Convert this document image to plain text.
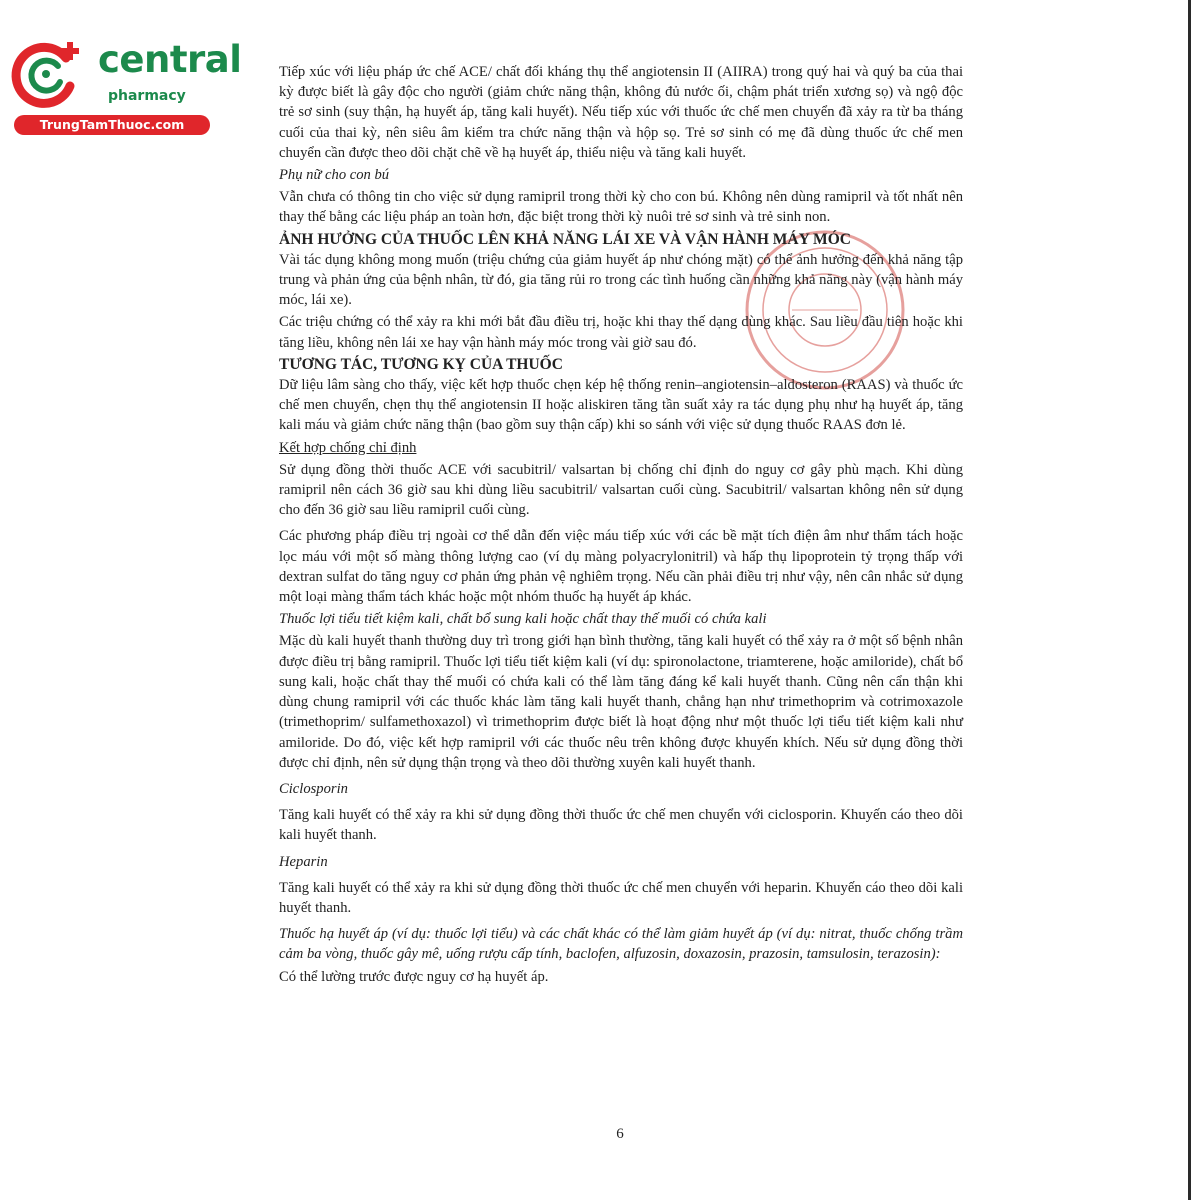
central
pharmacy
TrungTamThuoc.com

Tiếp xúc với liệu pháp ức chế ACE/ chất đối kháng thụ thể angiotensin II (AIIRA) trong quý hai và quý ba của thai kỳ được biết là gây độc cho người (giảm chức năng thận, không đủ nước ối, chậm phát triển xương sọ) và ngộ độc trẻ sơ sinh (suy thận, hạ huyết áp, tăng kali huyết). Nếu tiếp xúc với thuốc ức chế men chuyển đã xảy ra từ ba tháng cuối của thai kỳ, nên siêu âm kiểm tra chức năng thận và hộp sọ. Trẻ sơ sinh có mẹ đã dùng thuốc ức chế men chuyển cần được theo dõi chặt chẽ về hạ huyết áp, thiểu niệu và tăng kali huyết.

Phụ nữ cho con bú

Vẫn chưa có thông tin cho việc sử dụng ramipril trong thời kỳ cho con bú. Không nên dùng ramipril và tốt nhất nên thay thế bằng các liệu pháp an toàn hơn, đặc biệt trong thời kỳ nuôi trẻ sơ sinh và trẻ sinh non.

ẢNH HƯỞNG CỦA THUỐC LÊN KHẢ NĂNG LÁI XE VÀ VẬN HÀNH MÁY MÓC

Vài tác dụng không mong muốn (triệu chứng của giảm huyết áp như chóng mặt) có thể ảnh hưởng đến khả năng tập trung và phản ứng của bệnh nhân, từ đó, gia tăng rủi ro trong các tình huống cần những khả năng này (vận hành máy móc, lái xe).

Các triệu chứng có thể xảy ra khi mới bắt đầu điều trị, hoặc khi thay thế dạng dùng khác. Sau liều đầu tiên hoặc khi tăng liều, không nên lái xe hay vận hành máy móc trong vài giờ sau đó.

TƯƠNG TÁC, TƯƠNG KỴ CỦA THUỐC

Dữ liệu lâm sàng cho thấy, việc kết hợp thuốc chẹn kép hệ thống renin–angiotensin–aldosteron (RAAS) và thuốc ức chế men chuyển, chẹn thụ thể angiotensin II hoặc aliskiren tăng tần suất xảy ra tác dụng phụ như hạ huyết áp, tăng kali máu và giảm chức năng thận (bao gồm suy thận cấp) khi so sánh với việc sử dụng thuốc RAAS đơn lẻ.

Kết hợp chống chỉ định

Sử dụng đồng thời thuốc ACE với sacubitril/ valsartan bị chống chỉ định do nguy cơ gây phù mạch. Khi dùng ramipril nên cách 36 giờ sau khi dùng liều sacubitril/ valsartan cuối cùng. Sacubitril/ valsartan không nên sử dụng cho đến 36 giờ sau liều ramipril cuối cùng.

Các phương pháp điều trị ngoài cơ thể dẫn đến việc máu tiếp xúc với các bề mặt tích điện âm như thẩm tách hoặc lọc máu với một số màng thông lượng cao (ví dụ màng polyacrylonitril) và hấp thụ lipoprotein tỷ trọng thấp với dextran sulfat do tăng nguy cơ phản ứng phản vệ nghiêm trọng. Nếu cần phải điều trị như vậy, nên cân nhắc sử dụng một loại màng thẩm tách khác hoặc một nhóm thuốc hạ huyết áp khác.

Thuốc lợi tiểu tiết kiệm kali, chất bổ sung kali hoặc chất thay thế muối có chứa kali

Mặc dù kali huyết thanh thường duy trì trong giới hạn bình thường, tăng kali huyết có thể xảy ra ở một số bệnh nhân được điều trị bằng ramipril. Thuốc lợi tiểu tiết kiệm kali (ví dụ: spironolactone, triamterene, hoặc amiloride), chất bổ sung kali, hoặc chất thay thế muối có chứa kali có thể làm tăng đáng kể kali huyết thanh. Cũng nên cẩn thận khi dùng chung ramipril với các thuốc khác làm tăng kali huyết thanh, chẳng hạn như trimethoprim và cotrimoxazole (trimethoprim/ sulfamethoxazol) vì trimethoprim được biết là hoạt động như một thuốc lợi tiểu tiết kiệm kali như amiloride. Do đó, việc kết hợp ramipril với các thuốc nêu trên không được khuyến khích. Nếu sử dụng đồng thời được chỉ định, nên sử dụng thận trọng và theo dõi thường xuyên kali huyết thanh.

Ciclosporin

Tăng kali huyết có thể xảy ra khi sử dụng đồng thời thuốc ức chế men chuyển với ciclosporin. Khuyến cáo theo dõi kali huyết thanh.

Heparin

Tăng kali huyết có thể xảy ra khi sử dụng đồng thời thuốc ức chế men chuyển với heparin. Khuyến cáo theo dõi kali huyết thanh.

Thuốc hạ huyết áp (ví dụ: thuốc lợi tiểu) và các chất khác có thể làm giảm huyết áp (ví dụ: nitrat, thuốc chống trầm cảm ba vòng, thuốc gây mê, uống rượu cấp tính, baclofen, alfuzosin, doxazosin, prazosin, tamsulosin, terazosin):

Có thể lường trước được nguy cơ hạ huyết áp.

6
